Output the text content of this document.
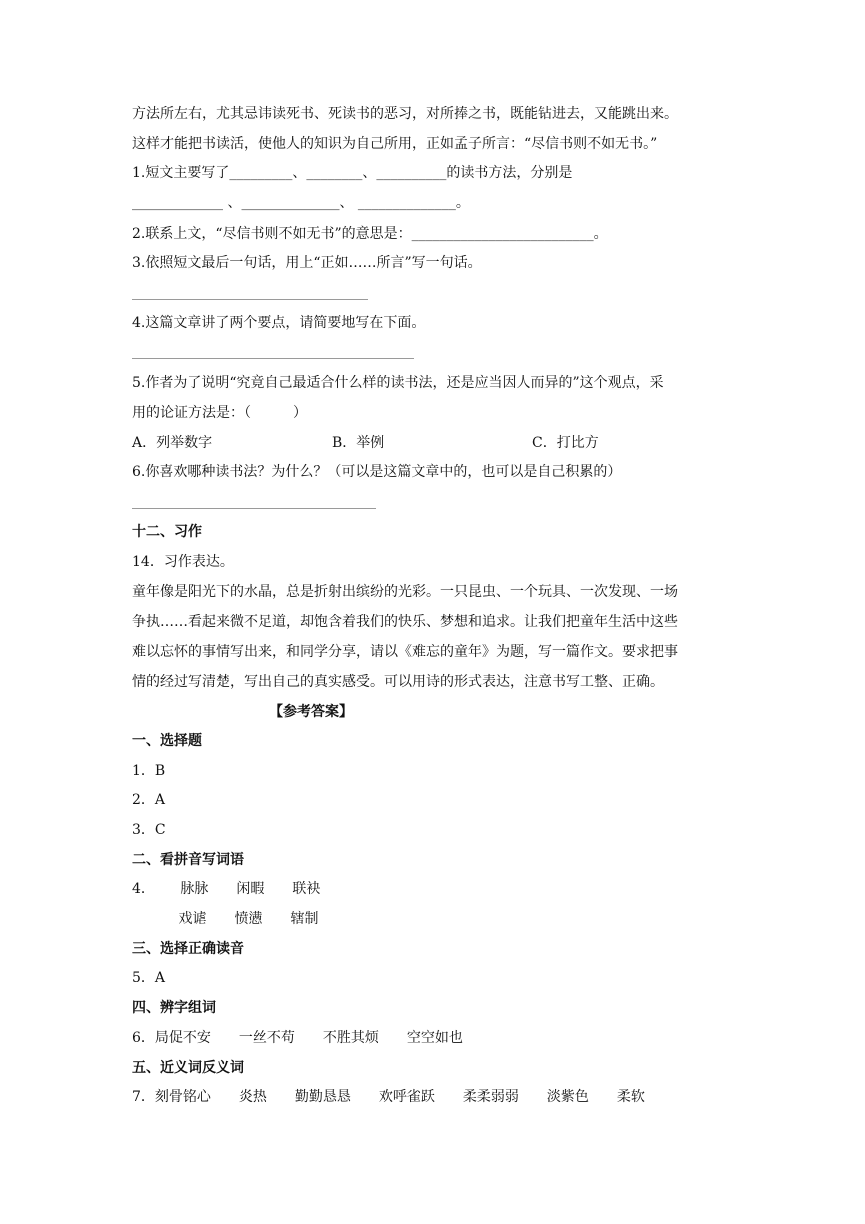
方法所左右，尤其忌讳读死书、死读书的恶习，对所捧之书，既能钻进去，又能跳出来。
这样才能把书读活，使他人的知识为自己所用，正如孟子所言：“尽信书则不如无书。”
1.短文主要写了_________、________、__________的读书方法，分别是
_____________ 、______________、 ______________。
2.联系上文，“尽信书则不如无书”的意思是：__________________________。
3.依照短文最后一句话，用上“正如……所言”写一句话。
4.这篇文章讲了两个要点，请简要地写在下面。
5.作者为了说明“究竟自己最适合什么样的读书法，还是应当因人而异的”这个观点，采
用的论证方法是：（　　　）
A．列举数字	B．举例	C．打比方
6.你喜欢哪种读书法？为什么？（可以是这篇文章中的，也可以是自己积累的）
十二、习作
14．习作表达。
童年像是阳光下的水晶，总是折射出缤纷的光彩。一只昆虫、一个玩具、一次发现、一场
争执……看起来微不足道，却饱含着我们的快乐、梦想和追求。让我们把童年生活中这些
难以忘怀的事情写出来，和同学分享，请以《难忘的童年》为题，写一篇作文。要求把事
情的经过写清楚，写出自己的真实感受。可以用诗的形式表达，注意书写工整、正确。
【参考答案】
一、选择题
1．B
2．A
3．C
二、看拼音写词语
4．　　 脉脉　　闲暇　　联袂
　　　 戏谑　　愤懑　　辖制
三、选择正确读音
5．A
四、辨字组词
6．局促不安　　一丝不苟　　不胜其烦　　空空如也
五、近义词反义词
7．刻骨铭心　　炎热　　勤勤恳恳　　欢呼雀跃　　柔柔弱弱　　淡紫色　　柔软
